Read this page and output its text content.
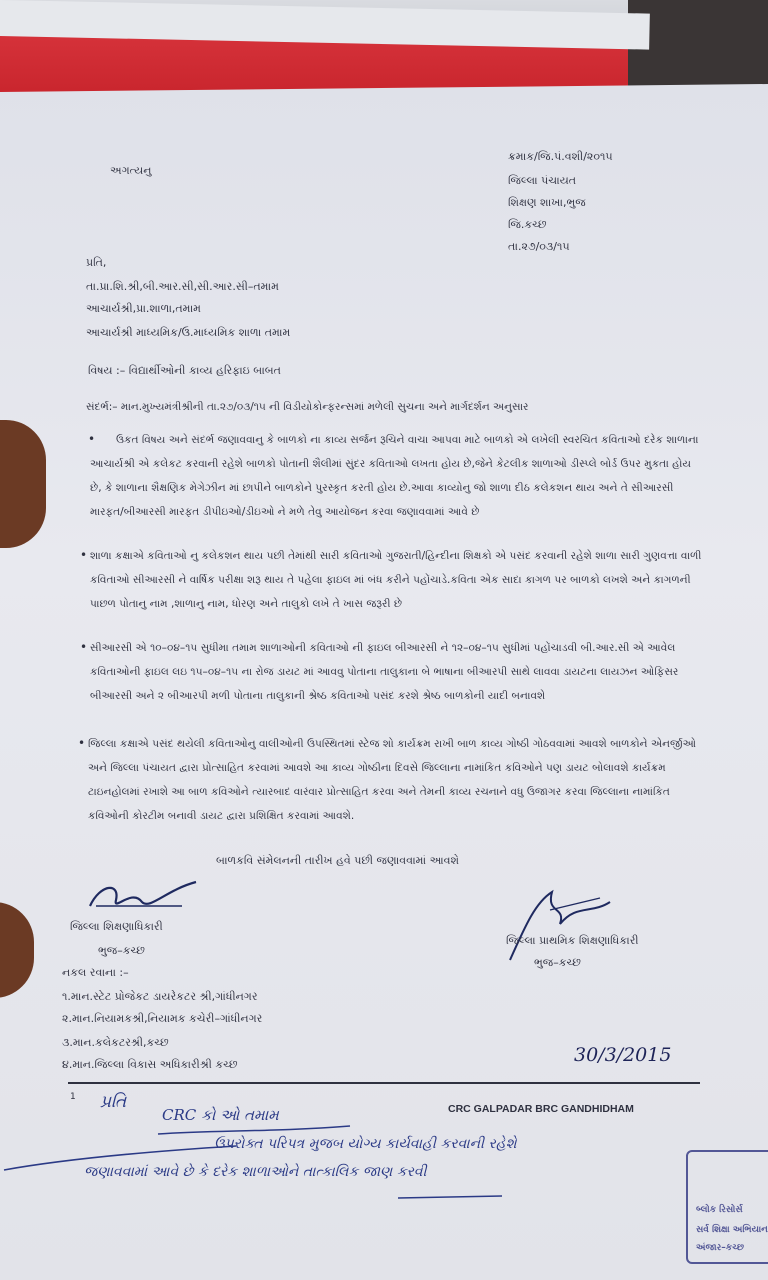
અગત્યનુ
ક્રમાક/જિ.પં.વશી/૨૦૧૫
જિલ્લા પંચાયત
શિક્ષણ શાખા,ભુજ
જિ.કચ્છ
તા.૨૭/૦૩/૧૫
પ્રતિ,
તા.પ્રા.શિ.શ્રી,બી.આર.સી,સી.આર.સી–તમામ
આચાર્યશ્રી,પ્રા.શાળા,તમામ
આચાર્યશ્રી માધ્યમિક/ઉ.માધ્યમિક શાળા તમામ
વિષય :– વિદ્યાર્થીઓની કાવ્ય હરિફાઇ બાબત
સંદર્ભ:– માન.મુખ્યમંત્રીશ્રીની તા.૨૭/૦૩/૧૫ ની વિડીયોકોન્ફરન્સમાં મળેલી સુચના અને માર્ગદર્શન અનુસાર
•	ઉકત વિષય અને સંદર્ભ જણાવવાનુ કે બાળકો ના કાવ્ય સર્જન રૂચિને વાચા આપવા માટે બાળકો એ લખેલી સ્વરચિત કવિતાઓ દરેક શાળાના આચાર્યશ્રી એ કલેકટ કરવાની રહેશે બાળકો પોતાની શૈલીમાં સુંદર કવિતાઓ લખતા હોય છે,જેને કેટલીક શાળાઓ ડીસ્પ્લે બોર્ડ ઉપર મુકતા હોય છે, કે શાળાના શૈક્ષણિક મેગેઝીન માં છાપીને બાળકોને પુરસ્કૃત કરતી હોય છે.આવા કાવ્યોનુ જો શાળા દીઠ કલેકશન થાય અને તે સીઆરસી મારફત/બીઆરસી મારફત ડીપીઇઓ/ડીઇઓ ને મળે તેવુ આયોજન કરવા જણાવવામાં આવે છે
• શાળા કક્ષાએ કવિતાઓ નુ કલેકશન થાય પછી તેમાંથી સારી કવિતાઓ ગુજરાતી/હિન્દીના શિક્ષકો એ પસંદ કરવાની રહેશે શાળા સારી ગુણવત્તા વાળી કવિતાઓ સીઆરસી ને વાર્ષિક પરીક્ષા શરૂ થાય તે પહેલા ફાઇલ માં બંધ કરીને પહોંચાડે.કવિતા એક સાદા કાગળ પર બાળકો લખશે અને કાગળની પાછળ પોતાનુ નામ ,શાળાનુ નામ, ધોરણ અને તાલુકો લખે તે ખાસ જરૂરી છે
• સીઆરસી એ ૧૦–૦૪–૧૫ સુધીમા તમામ શાળાઓની કવિતાઓ ની ફાઇલ બીઆરસી ને ૧૨–૦૪–૧૫ સુધીમાં પહોંચાડવી બી.આર.સી એ આવેલ કવિતાઓની ફાઇલ લઇ ૧૫–૦૪–૧૫ ના રોજ ડાયટ માં આવવુ પોતાના તાલુકાના બે ભાષાના બીઆરપી સાથે લાવવા ડાયટના લાયઝન ઓફિસર બીઆરસી અને ૨ બીઆરપી મળી પોતાના તાલુકાની શ્રેષ્ઠ કવિતાઓ પસંદ કરશે શ્રેષ્ઠ બાળકોની યાદી બનાવશે
• જિલ્લા કક્ષાએ પસંદ થયેલી કવિતાઓનુ વાલીઓની ઉપસ્થિતમાં સ્ટેજ શો કાર્યક્રમ રાખી બાળ કાવ્ય ગોષ્ઠી ગોઠવવામાં આવશે બાળકોને એનર્જીઓ અને જિલ્લા પંચાયત દ્વારા પ્રોત્સાહિત કરવામાં આવશે આ કાવ્ય ગોષ્ઠીના દિવસે જિલ્લાના નામાંકિત કવિઓને પણ ડાયટ બોલાવશે કાર્યક્રમ ટાઇનહોલમાં રખાશે આ બાળ કવિઓને ત્યારબાદ વારંવાર પ્રોત્સાહિત કરવા અને તેમની કાવ્ય રચનાને વધુ ઉજાગર કરવા જિલ્લાના નામાંકિત કવિઓની કોરટીમ બનાવી ડાયટ દ્વારા પ્રશિક્ષિત કરવામાં આવશે.
બાળકવિ સંમેલનની તારીખ હવે પછી જણાવવામાં આવશે
જિલ્લા શિક્ષણાધિકારી
ભુજ–કચ્છ
જિલ્લા પ્રાથમિક શિક્ષણાધિકારી
ભુજ–કચ્છ
નકલ રવાના :–
૧.માન.સ્ટેટ પ્રોજેકટ ડાયરેકટર શ્રી,ગાંધીનગર
૨.માન.નિયામકશ્રી,નિયામક કચેરી–ગાંધીનગર
૩.માન.કલેકટરશ્રી,કચ્છ
૪.માન.જિલ્લા વિકાસ અધિકારીશ્રી કચ્છ	30/3/2015
1
CRC GALPADAR BRC GANDHIDHAM
પ્રતિ
CRC કો ઓ તમામ
ઉપરોક્ત પરિપત્ર મુજબ યોગ્ય કાર્યવાહી કરવાની રહેશે
જણાવવામાં આવે છે કે દરેક શાળાઓને તાત્કાલિક જાણ કરવી
બ્લોક રિસોર્સ
સર્વ શિક્ષા અભિયાન
અંજાર–કચ્છ
